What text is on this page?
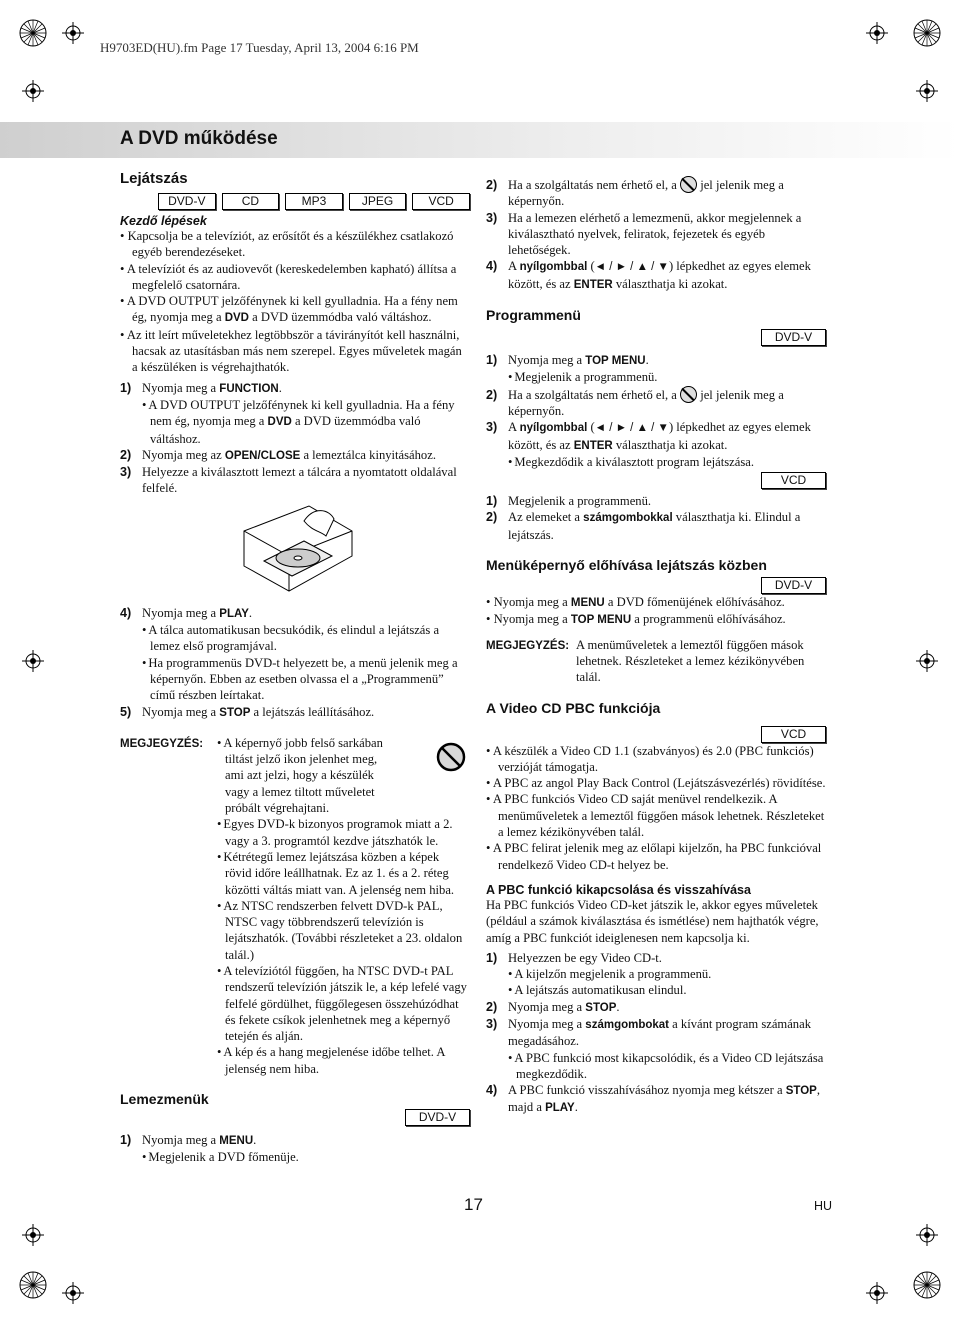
H9703ED(HU).fm Page 17 Tuesday, April 13, 2004 6:16 PM
A DVD működése

Lejátszás

DVD-V	CD	MP3	JPEG	VCD

Kezdő lépések

• Kapcsolja be a televíziót, az erősítőt és a készülékhez csatlakozó egyéb berendezéseket.

• A televíziót és az audiovevőt (kereskedelemben kapható) állítsa a megfelelő csatornára.

• A DVD OUTPUT jelzőfénynek ki kell gyulladnia. Ha a fény nem ég, nyomja meg a DVD a DVD üzemmódba való váltáshoz.

• Az itt leírt műveletekhez legtöbbször a távirányítót kell használni, hacsak az utasításban más nem szerepel. Egyes műveletek magán a készüléken is végrehajthatók.

1) Nyomja meg a FUNCTION.

• A DVD OUTPUT jelzőfénynek ki kell gyulladnia. Ha a fény nem ég, nyomja meg a DVD a DVD üzemmódba való váltáshoz.

2) Nyomja meg az OPEN/CLOSE a lemeztálca kinyitásához.

3) Helyezze a kiválasztott lemezt a tálcára a nyomtatott oldalával felfelé.

4) Nyomja meg a PLAY.

• A tálca automatikusan becsukódik, és elindul a lejátszás a lemez első programjával.

• Ha programmenüs DVD-t helyezett be, a menü jelenik meg a képernyőn. Ebben az esetben olvassa el a „Programmenü” című részben leírtakat.

5) Nyomja meg a STOP a lejátszás leállításához.

MEGJEGYZÉS:

•	A képernyő jobb felső sarkában tiltást jelző ikon jelenhet meg, ami azt jelzi, hogy a készülék vagy a lemez tiltott műveletet próbált végrehajtani.

• Egyes DVD-k bizonyos programok miatt a 2. vagy a 3. programtól kezdve játszhatók le.

• Kétrétegű lemez lejátszása közben a képek rövid időre leállhatnak. Ez az 1. és a 2. réteg közötti váltás miatt van. A jelenség nem hiba.

• Az NTSC rendszerben felvett DVD-k PAL, NTSC vagy többrendszerű televízión is lejátszhatók. (További részleteket a 23. oldalon talál.)

• A televíziótól függően, ha NTSC DVD-t PAL rendszerű televízión játszik le, a kép lefelé vagy felfelé gördülhet, függőlegesen összehúzódhat és fekete csíkok jelenhetnek meg a képernyő tetején és alján.

• A kép és a hang megjelenése időbe telhet. A jelenség nem hiba.

Lemezmenük

DVD-V

1) Nyomja meg a MENU.

• Megjelenik a DVD főmenüje.

2) Ha a szolgáltatás nem érhető el, a jel jelenik meg a képernyőn.

3) Ha a lemezen elérhető a lemezmenü, akkor megjelennek a kiválasztható nyelvek, feliratok, fejezetek és egyéb lehetőségek.

4) A nyílgombbal (◄ / ► / ▲ / ▼) lépkedhet az egyes elemek között, és az ENTER választhatja ki azokat.

Programmenü

DVD-V

1) Nyomja meg a TOP MENU.

• Megjelenik a programmenü.

2) Ha a szolgáltatás nem érhető el, a jel jelenik meg a képernyőn.

3) A nyílgombbal (◄ / ► / ▲ / ▼) lépkedhet az egyes elemek között, és az ENTER választhatja ki azokat.

• Megkezdődik a kiválasztott program lejátszása.

VCD

1) Megjelenik a programmenü.

2) Az elemeket a számgombokkal választhatja ki. Elindul a lejátszás.

Menüképernyő előhívása lejátszás közben

DVD-V

• Nyomja meg a MENU a DVD főmenüjének előhívásához.

• Nyomja meg a TOP MENU a programmenü előhívásához.

MEGJEGYZÉS: A menüműveletek a lemeztől függően mások lehetnek. Részleteket a lemez kézikönyvében talál.

A Video CD PBC funkciója

VCD

• A készülék a Video CD 1.1 (szabványos) és 2.0 (PBC funkciós) verzióját támogatja.

• A PBC az angol Play Back Control (Lejátszásvezérlés) rövidítése.

• A PBC funkciós Video CD saját menüvel rendelkezik. A menüműveletek a lemeztől függően mások lehetnek. Részleteket a lemez kézikönyvében talál.

• A PBC felirat jelenik meg az előlapi kijelzőn, ha PBC funkcióval rendelkező Video CD-t helyez be.

A PBC funkció kikapcsolása és visszahívása

Ha PBC funkciós Video CD-ket játszik le, akkor egyes műveletek (például a számok kiválasztása és ismétlése) nem hajthatók végre, amíg a PBC funkciót ideiglenesen nem kapcsolja ki.

1) Helyezzen be egy Video CD-t.

• A kijelzőn megjelenik a programmenü.

• A lejátszás automatikusan elindul.

2) Nyomja meg a STOP.

3) Nyomja meg a számgombokat a kívánt program számának megadásához.

• A PBC funkció most kikapcsolódik, és a Video CD lejátszása megkezdődik.

4) A PBC funkció visszahívásához nyomja meg kétszer a STOP, majd a PLAY.

17	HU
